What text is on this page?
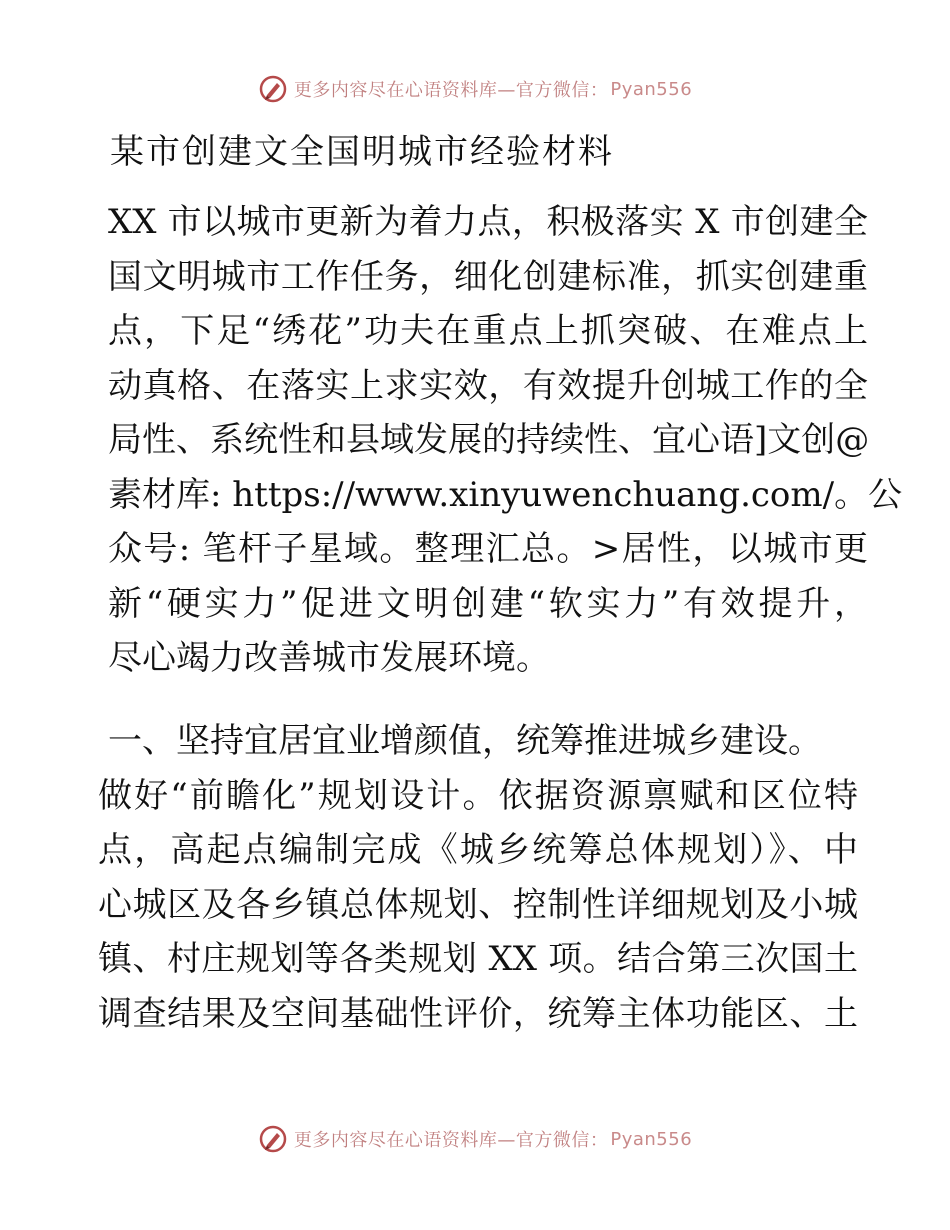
更多内容尽在心语资料库—官方微信： Pyan556
某市创建文全国明城市经验材料
XX 市以城市更新为着力点，积极落实 X 市创建全
国文明城市工作任务，细化创建标准，抓实创建重
点，下足“绣花”功夫在重点上抓突破、在难点上
动真格、在落实上求实效，有效提升创城工作的全
局性、系统性和县域发展的持续性、宜心语]文创@
素材库: https://www.xinyuwenchuang.com/。公
众号: 笔杆子星域。整理汇总。>居性，以城市更
新“硬实力”促进文明创建“软实力”有效提升，
尽心竭力改善城市发展环境。
一、坚持宜居宜业增颜值，统筹推进城乡建设。
做好“前瞻化”规划设计。依据资源禀赋和区位特
点，高起点编制完成《城乡统筹总体规划）》、中
心城区及各乡镇总体规划、控制性详细规划及小城
镇、村庄规划等各类规划 XX 项。结合第三次国土
调查结果及空间基础性评价，统筹主体功能区、土
更多内容尽在心语资料库—官方微信： Pyan556
